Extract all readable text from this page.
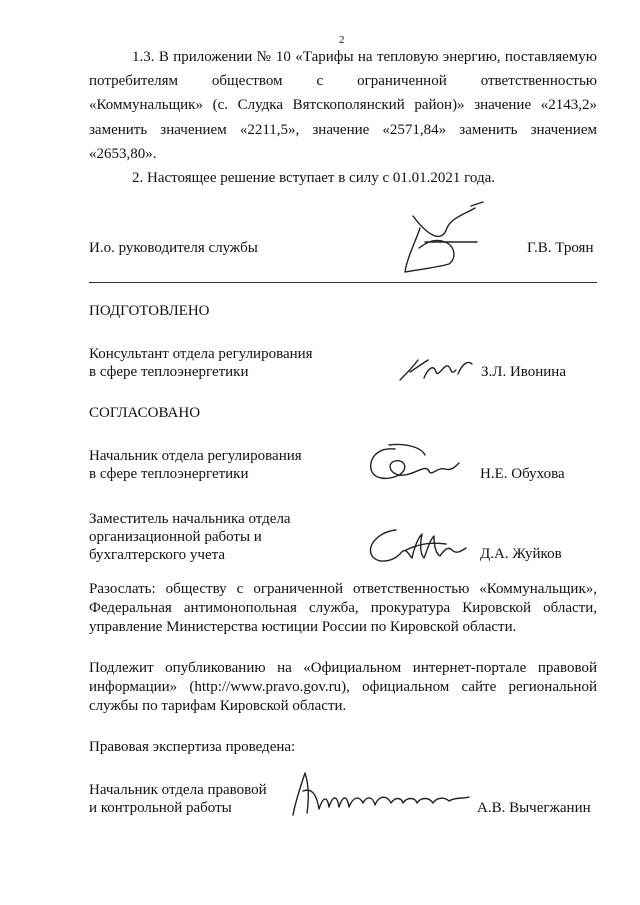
2
1.3. В приложении № 10 «Тарифы на тепловую энергию, поставляемую
потребителям обществом с ограниченной ответственностью
«Коммунальщик» (с. Слудка Вятскополянский район)» значение «2143,2»
заменить значением «2211,5», значение «2571,84» заменить значением
«2653,80».
2. Настоящее решение вступает в силу с 01.01.2021 года.
И.о. руководителя службы	Г.В. Троян
ПОДГОТОВЛЕНО
Консультант отдела регулирования
в сфере теплоэнергетики	З.Л. Ивонина
СОГЛАСОВАНО
Начальник отдела регулирования
в сфере теплоэнергетики	Н.Е. Обухова
Заместитель начальника отдела
организационной работы и
бухгалтерского учета	Д.А. Жуйков
Разослать: обществу с ограниченной ответственностью «Коммунальщик»,
Федеральная антимонопольная служба, прокуратура Кировской области,
управление Министерства юстиции России по Кировской области.
Подлежит опубликованию на «Официальном интернет-портале правовой
информации» (http://www.pravo.gov.ru), официальном сайте региональной
службы по тарифам Кировской области.
Правовая экспертиза проведена:
Начальник отдела правовой
и контрольной работы	А.В. Вычегжанин
